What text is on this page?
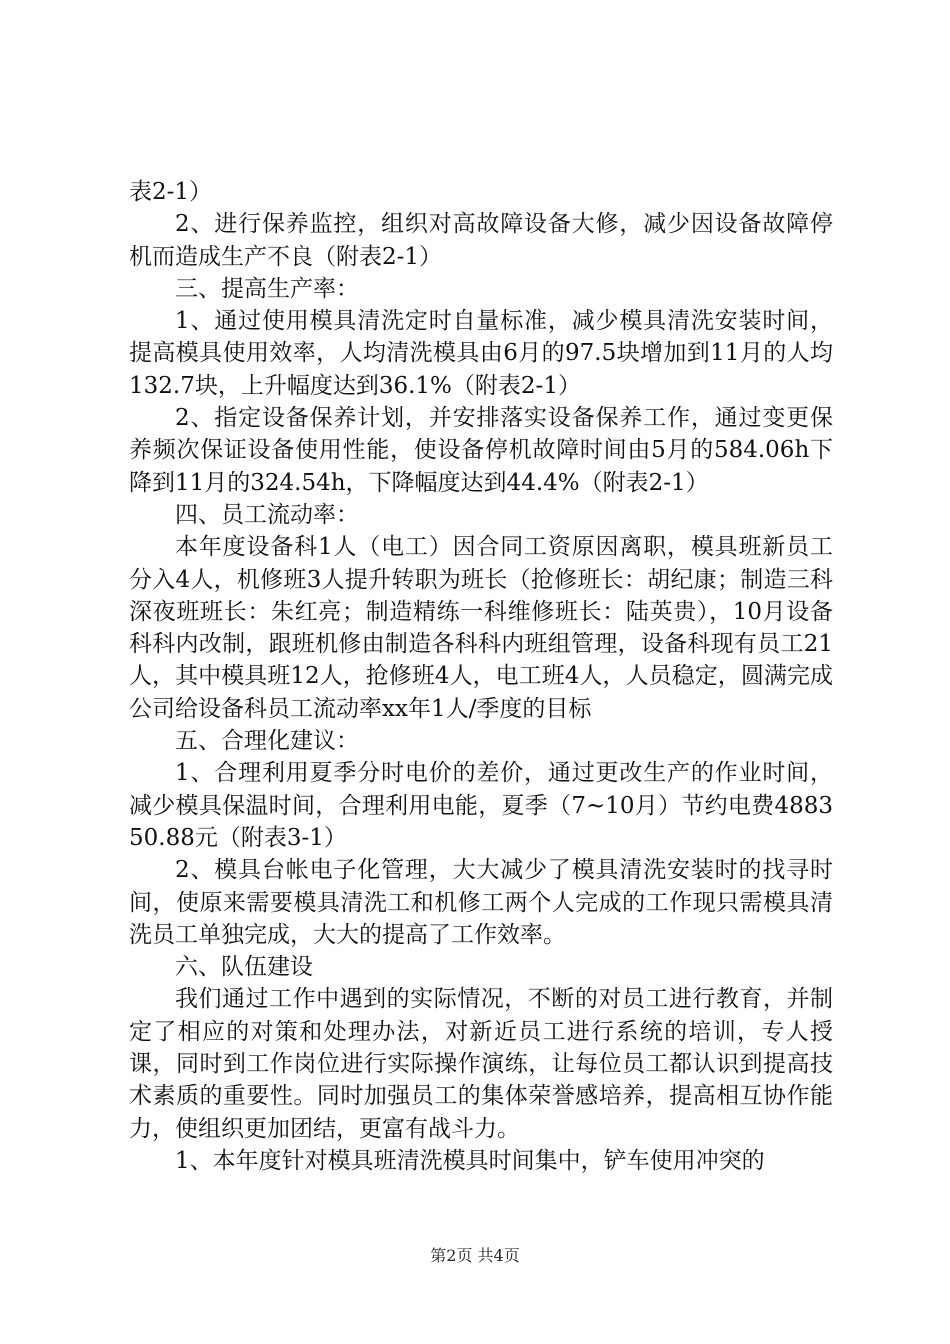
表2-1）

2、进行保养监控，组织对高故障设备大修，减少因设备故障停机而造成生产不良（附表2-1）

三、提高生产率：

1、通过使用模具清洗定时自量标准，减少模具清洗安装时间，提高模具使用效率，人均清洗模具由6月的97.5块增加到11月的人均132.7块，上升幅度达到36.1%（附表2-1）

2、指定设备保养计划，并安排落实设备保养工作，通过变更保养频次保证设备使用性能，使设备停机故障时间由5月的584.06h下降到11月的324.54h，下降幅度达到44.4%（附表2-1）

四、员工流动率：

本年度设备科1人（电工）因合同工资原因离职，模具班新员工分入4人，机修班3人提升转职为班长（抢修班长：胡纪康；制造三科深夜班班长：朱红亮；制造精练一科维修班长：陆英贵），10月设备科科内改制，跟班机修由制造各科科内班组管理，设备科现有员工21人，其中模具班12人，抢修班4人，电工班4人，人员稳定，圆满完成公司给设备科员工流动率xx年1人/季度的目标

五、合理化建议：

1、合理利用夏季分时电价的差价，通过更改生产的作业时间，减少模具保温时间，合理利用电能，夏季（7~10月）节约电费488350.88元（附表3-1）

2、模具台帐电子化管理，大大减少了模具清洗安装时的找寻时间，使原来需要模具清洗工和机修工两个人完成的工作现只需模具清洗员工单独完成，大大的提高了工作效率。

六、队伍建设

我们通过工作中遇到的实际情况，不断的对员工进行教育，并制定了相应的对策和处理办法，对新近员工进行系统的培训，专人授课，同时到工作岗位进行实际操作演练，让每位员工都认识到提高技术素质的重要性。同时加强员工的集体荣誉感培养，提高相互协作能力，使组织更加团结，更富有战斗力。

1、本年度针对模具班清洗模具时间集中，铲车使用冲突的

第2页 共4页
